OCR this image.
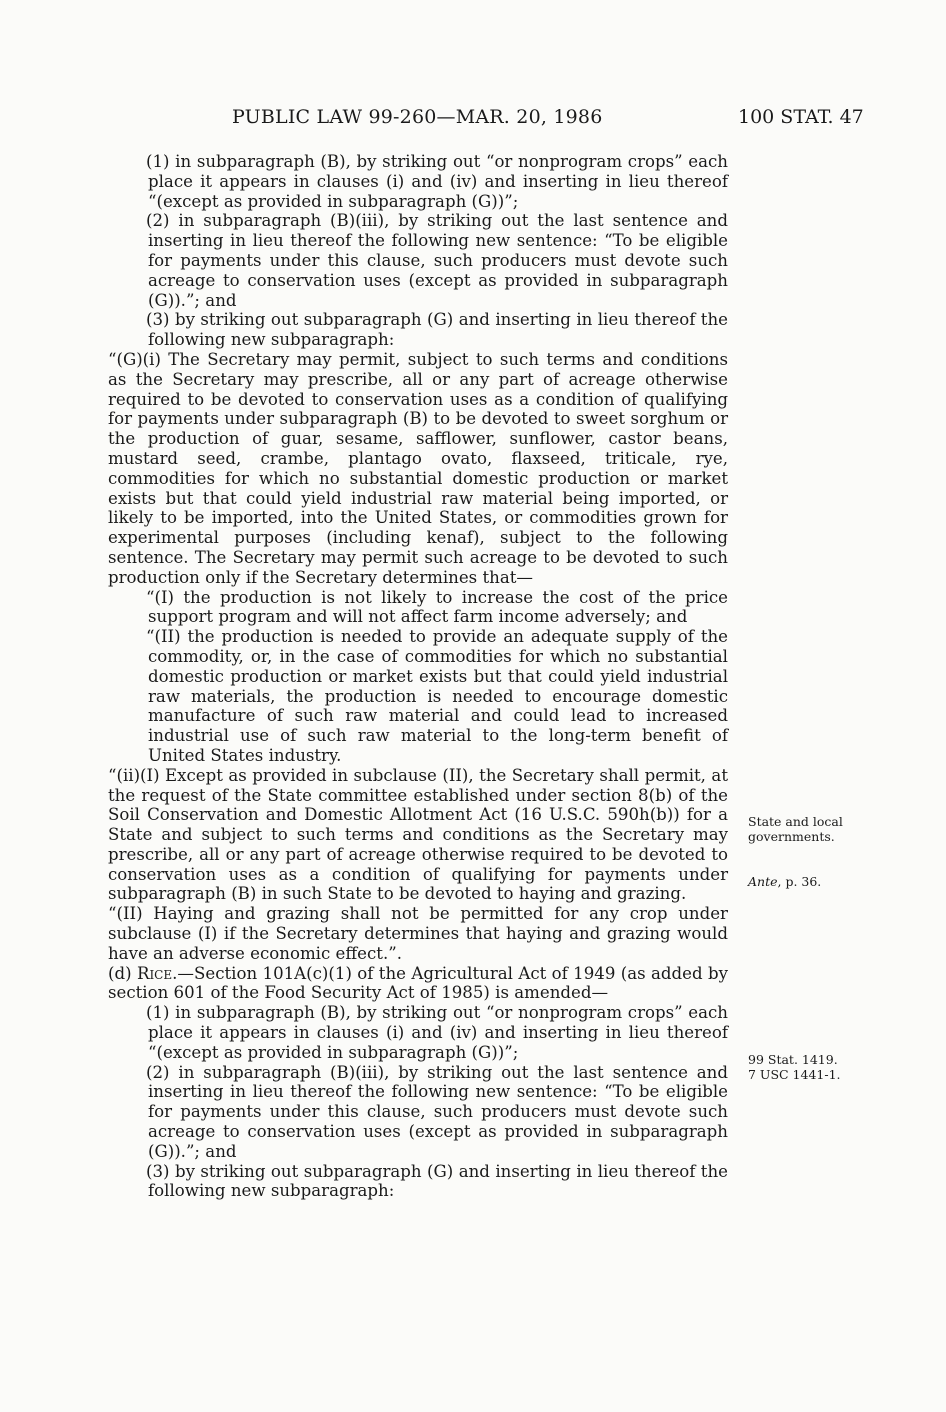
PUBLIC LAW 99-260—MAR. 20, 1986	100 STAT. 47

(1) in subparagraph (B), by striking out “or nonprogram crops” each place it appears in clauses (i) and (iv) and inserting in lieu thereof “(except as provided in subparagraph (G))”;

(2) in subparagraph (B)(iii), by striking out the last sentence and inserting in lieu thereof the following new sentence: “To be eligible for payments under this clause, such producers must devote such acreage to conservation uses (except as provided in subparagraph (G)).”; and

(3) by striking out subparagraph (G) and inserting in lieu thereof the following new subparagraph:

“(G)(i) The Secretary may permit, subject to such terms and conditions as the Secretary may prescribe, all or any part of acreage otherwise required to be devoted to conservation uses as a condition of qualifying for payments under subparagraph (B) to be devoted to sweet sorghum or the production of guar, sesame, safflower, sunflower, castor beans, mustard seed, crambe, plantago ovato, flaxseed, triticale, rye, commodities for which no substantial domestic production or market exists but that could yield industrial raw material being imported, or likely to be imported, into the United States, or commodities grown for experimental purposes (including kenaf), subject to the following sentence. The Secretary may permit such acreage to be devoted to such production only if the Secretary determines that—

“(I) the production is not likely to increase the cost of the price support program and will not affect farm income adversely; and

“(II) the production is needed to provide an adequate supply of the commodity, or, in the case of commodities for which no substantial domestic production or market exists but that could yield industrial raw materials, the production is needed to encourage domestic manufacture of such raw material and could lead to increased industrial use of such raw material to the long-term benefit of United States industry.

“(ii)(I) Except as provided in subclause (II), the Secretary shall permit, at the request of the State committee established under section 8(b) of the Soil Conservation and Domestic Allotment Act (16 U.S.C. 590h(b)) for a State and subject to such terms and conditions as the Secretary may prescribe, all or any part of acreage otherwise required to be devoted to conservation uses as a condition of qualifying for payments under subparagraph (B) in such State to be devoted to haying and grazing.

“(II) Haying and grazing shall not be permitted for any crop under subclause (I) if the Secretary determines that haying and grazing would have an adverse economic effect.”.

(d) Rice.—Section 101A(c)(1) of the Agricultural Act of 1949 (as added by section 601 of the Food Security Act of 1985) is amended—

(1) in subparagraph (B), by striking out “or nonprogram crops” each place it appears in clauses (i) and (iv) and inserting in lieu thereof “(except as provided in subparagraph (G))”;

(2) in subparagraph (B)(iii), by striking out the last sentence and inserting in lieu thereof the following new sentence: “To be eligible for payments under this clause, such producers must devote such acreage to conservation uses (except as provided in subparagraph (G)).”; and

(3) by striking out subparagraph (G) and inserting in lieu thereof the following new subparagraph:

State and local governments.

Ante, p. 36.

99 Stat. 1419.

7 USC 1441-1.
